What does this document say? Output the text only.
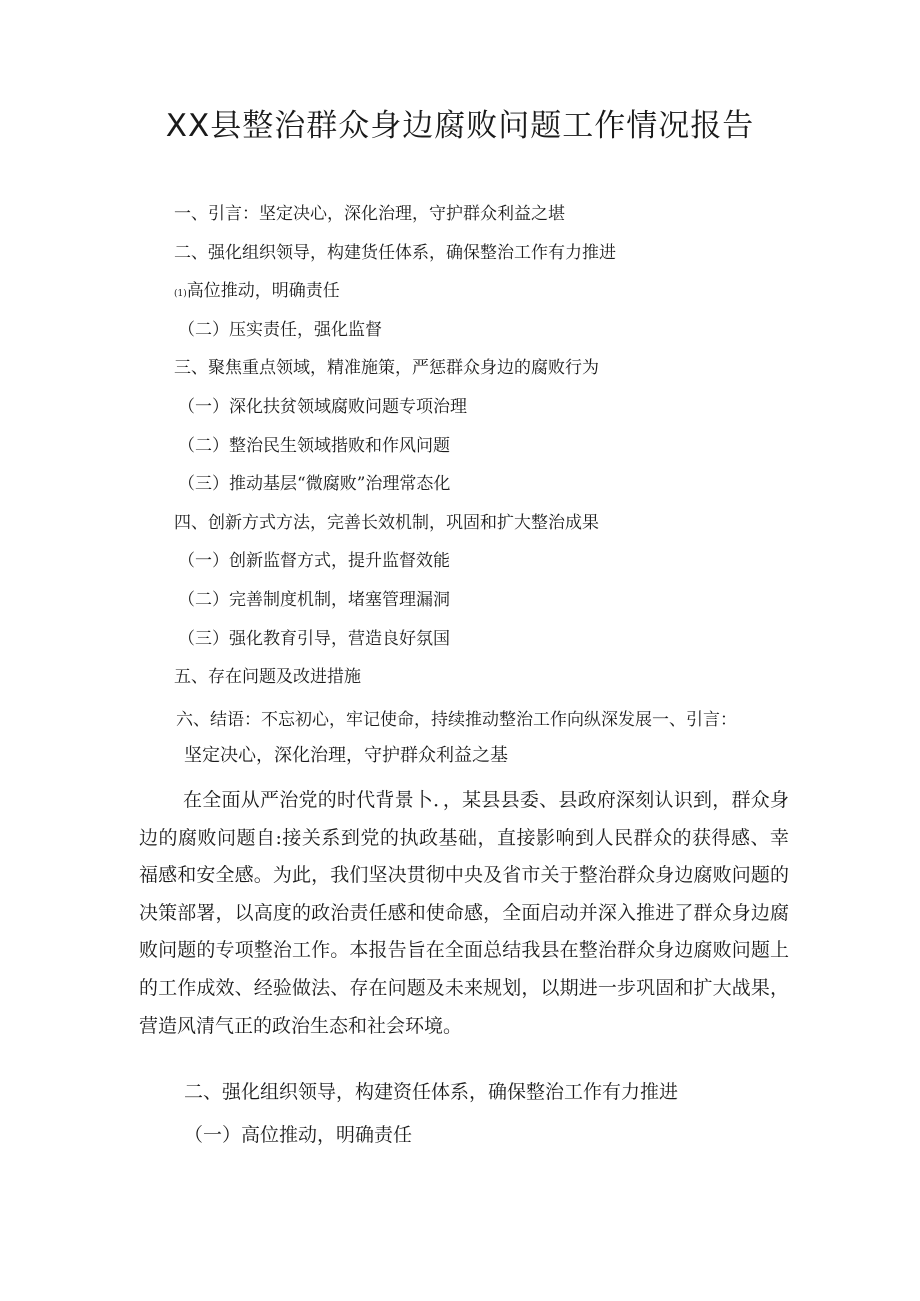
XX县整治群众身边腐败问题工作情况报告
一、引言：坚定决心，深化治理，守护群众利益之堪
二、强化组织领导，构建货任体系，确保整治工作有力推进
(1)高位推动，明确责任
（二）压实责任，强化监督
三、聚焦重点领域，精准施策，严惩群众身边的腐败行为
（一）深化扶贫领域腐败问题专项治理
（二）整治民生领域揩败和作风问题
（三）推动基层“微腐败”治理常态化
四、创新方式方法，完善长效机制，巩固和扩大整治成果
（一）创新监督方式，提升监督效能
（二）完善制度机制，堵塞管理漏洞
（三）强化教育引导，营造良好氛国
五、存在问题及改进措施
六、结语：不忘初心，牢记使命，持续推动整治工作向纵深发展一、引言：
坚定决心，深化治理，守护群众利益之基
在全面从严治党的时代背景卜．，某县县委、县政府深刻认识到，群众身边的腐败问题自:接关系到党的执政基础，直接影响到人民群众的获得感、幸福感和安全感。为此，我们坚决贯彻中央及省市关于整治群众身边腐败问题的决策部署，以高度的政治责任感和使命感，全面启动并深入推进了群众身边腐败问题的专项整治工作。本报告旨在全面总结我县在整治群众身边腐败问题上的工作成效、经验做法、存在问题及未来规划，以期进一步巩固和扩大战果，营造风清气正的政治生态和社会环境。
二、强化组织领导，构建资任体系，确保整治工作有力推进
（一）高位推动，明确责任
